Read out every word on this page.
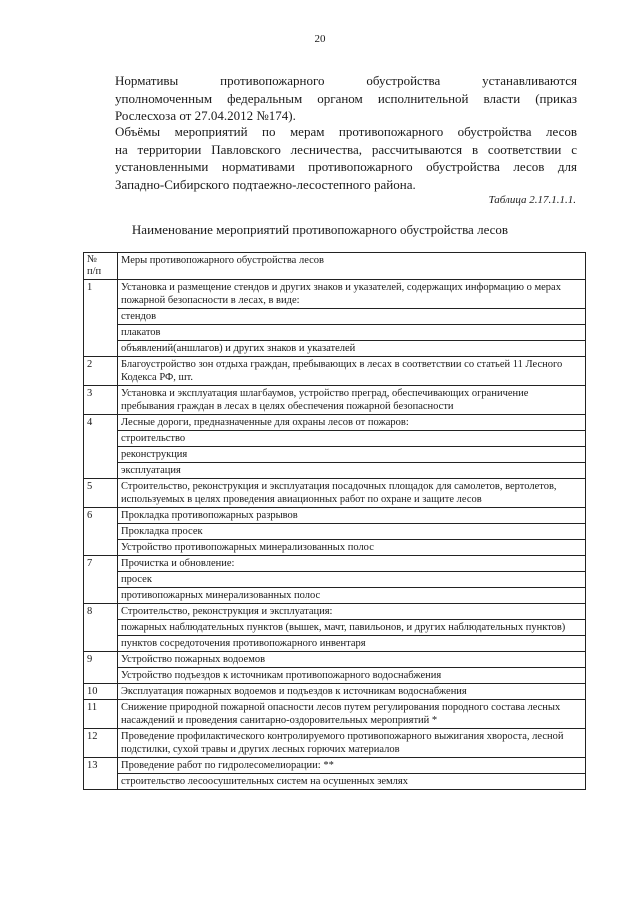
20
Нормативы противопожарного обустройства устанавливаются
уполномоченным федеральным органом исполнительной власти (приказ Рослесхоза от 27.04.2012 №174).
Объёмы мероприятий по мерам противопожарного обустройства лесов
на территории Павловского лесничества, рассчитываются в соответствии с установленными нормативами противопожарного обустройства лесов для Западно-Сибирского подтаежно-лесостепного района.
Таблица 2.17.1.1.1.
Наименование мероприятий противопожарного обустройства лесов
№
п/п	Меры противопожарного обустройства лесов
1	Установка и размещение стендов и других знаков и указателей, содержащих информацию о мерах пожарной безопасности в лесах, в виде:
	стендов
	плакатов
	объявлений(аншлагов) и других знаков и указателей
2	Благоустройство зон отдыха граждан, пребывающих в лесах в соответствии со статьей 11 Лесного Кодекса РФ, шт.
3	Установка и эксплуатация шлагбаумов, устройство преград, обеспечивающих ограничение пребывания граждан в лесах в целях обеспечения пожарной безопасности
4	Лесные дороги, предназначенные для охраны лесов от пожаров:
	строительство
	реконструкция
	эксплуатация
5	Строительство, реконструкция и эксплуатация посадочных площадок для самолетов, вертолетов, используемых в целях проведения авиационных работ по охране и защите лесов
6	Прокладка противопожарных разрывов
	Прокладка просек
	Устройство противопожарных минерализованных полос
7	Прочистка и обновление:
	просек
	противопожарных минерализованных полос
8	Строительство, реконструкция и эксплуатация:
	пожарных наблюдательных пунктов (вышек, мачт, павильонов, и других наблюдательных пунктов)
	пунктов сосредоточения противопожарного инвентаря
9	Устройство пожарных водоемов
	Устройство подъездов к источникам противопожарного водоснабжения
10	Эксплуатация пожарных водоемов и подъездов к источникам водоснабжения
11	Снижение природной пожарной опасности лесов путем регулирования породного состава лесных насаждений и проведения санитарно-оздоровительных мероприятий *
12	Проведение профилактического контролируемого противопожарного выжигания хвороста, лесной подстилки, сухой травы и других лесных горючих материалов
13	Проведение работ по гидролесомелиорации: **
	строительство лесоосушительных систем на осушенных землях
